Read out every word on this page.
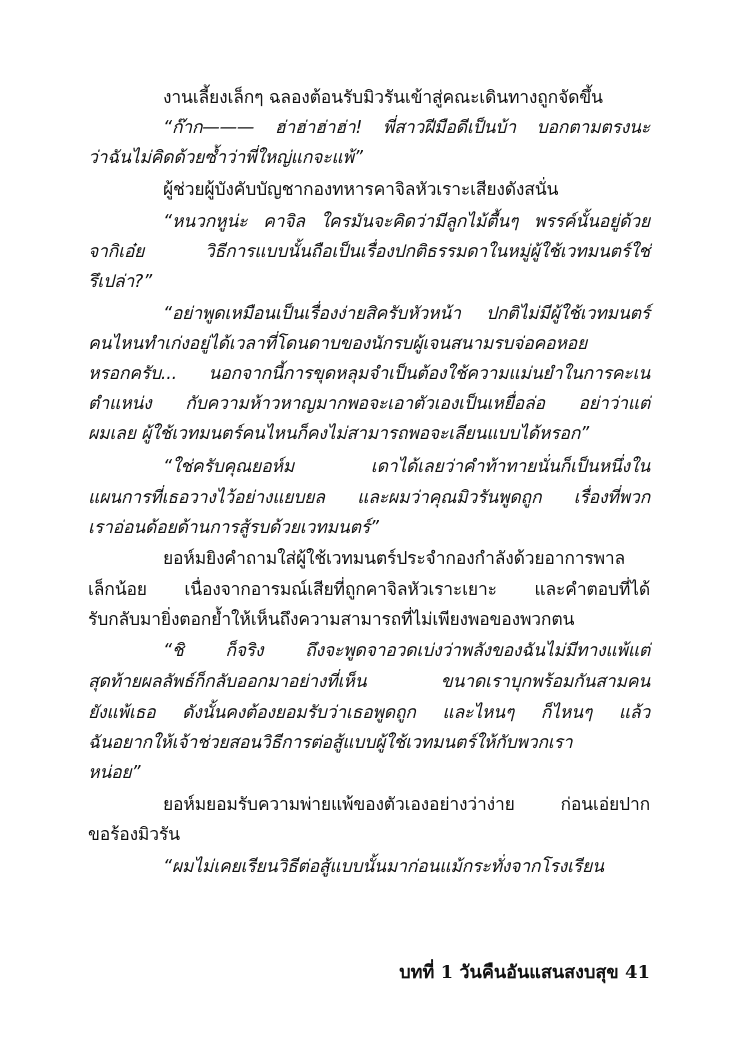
งานเลี้ยงเล็กๆ ฉลองต้อนรับมิวรันเข้าสู่คณะเดินทางถูกจัดขึ้น
“ก๊าก——— ฮ่าฮ่าฮ่าฮ่า! พี่สาวฝีมือดีเป็นบ้า บอกตามตรงนะ
ว่าฉันไม่คิดด้วยซ้ำว่าพี่ใหญ่แกจะแพ้”
ผู้ช่วยผู้บังคับบัญชากองทหารคาจิลหัวเราะเสียงดังสนั่น
“หนวกหูน่ะ คาจิล ใครมันจะคิดว่ามีลูกไม้ตื้นๆ พรรค์นั้นอยู่ด้วย
จากิเอ๋ย วิธีการแบบนั้นถือเป็นเรื่องปกติธรรมดาในหมู่ผู้ใช้เวทมนตร์ใช่
รึเปล่า?”
“อย่าพูดเหมือนเป็นเรื่องง่ายสิครับหัวหน้า ปกติไม่มีผู้ใช้เวทมนตร์
คนไหนทำเก่งอยู่ได้เวลาที่โดนดาบของนักรบผู้เจนสนามรบจ่อคอหอย
หรอกครับ... นอกจากนี้การขุดหลุมจำเป็นต้องใช้ความแม่นยำในการคะเน
ตำแหน่ง กับความห้าวหาญมากพอจะเอาตัวเองเป็นเหยื่อล่อ อย่าว่าแต่
ผมเลย ผู้ใช้เวทมนตร์คนไหนก็คงไม่สามารถพอจะเลียนแบบได้หรอก”
“ใช่ครับคุณยอห์ม เดาได้เลยว่าคำท้าทายนั่นก็เป็นหนึ่งใน
แผนการที่เธอวางไว้อย่างแยบยล และผมว่าคุณมิวรันพูดถูก เรื่องที่พวก
เราอ่อนด้อยด้านการสู้รบด้วยเวทมนตร์”
ยอห์มยิงคำถามใส่ผู้ใช้เวทมนตร์ประจำกองกำลังด้วยอาการพาล
เล็กน้อย เนื่องจากอารมณ์เสียที่ถูกคาจิลหัวเราะเยาะ และคำตอบที่ได้
รับกลับมายิ่งตอกย้ำให้เห็นถึงความสามารถที่ไม่เพียงพอของพวกตน
“ชิ ก็จริง ถึงจะพูดจาอวดเบ่งว่าพลังของฉันไม่มีทางแพ้แต่
สุดท้ายผลลัพธ์ก็กลับออกมาอย่างที่เห็น ขนาดเราบุกพร้อมกันสามคน
ยังแพ้เธอ ดังนั้นคงต้องยอมรับว่าเธอพูดถูก และไหนๆ ก็ไหนๆ แล้ว
ฉันอยากให้เจ้าช่วยสอนวิธีการต่อสู้แบบผู้ใช้เวทมนตร์ให้กับพวกเรา
หน่อย”
ยอห์มยอมรับความพ่ายแพ้ของตัวเองอย่างว่าง่าย ก่อนเอ่ยปาก
ขอร้องมิวรัน
“ผมไม่เคยเรียนวิธีต่อสู้แบบนั้นมาก่อนแม้กระทั่งจากโรงเรียน
บทที่ 1 วันคืนอันแสนสงบสุข 41
